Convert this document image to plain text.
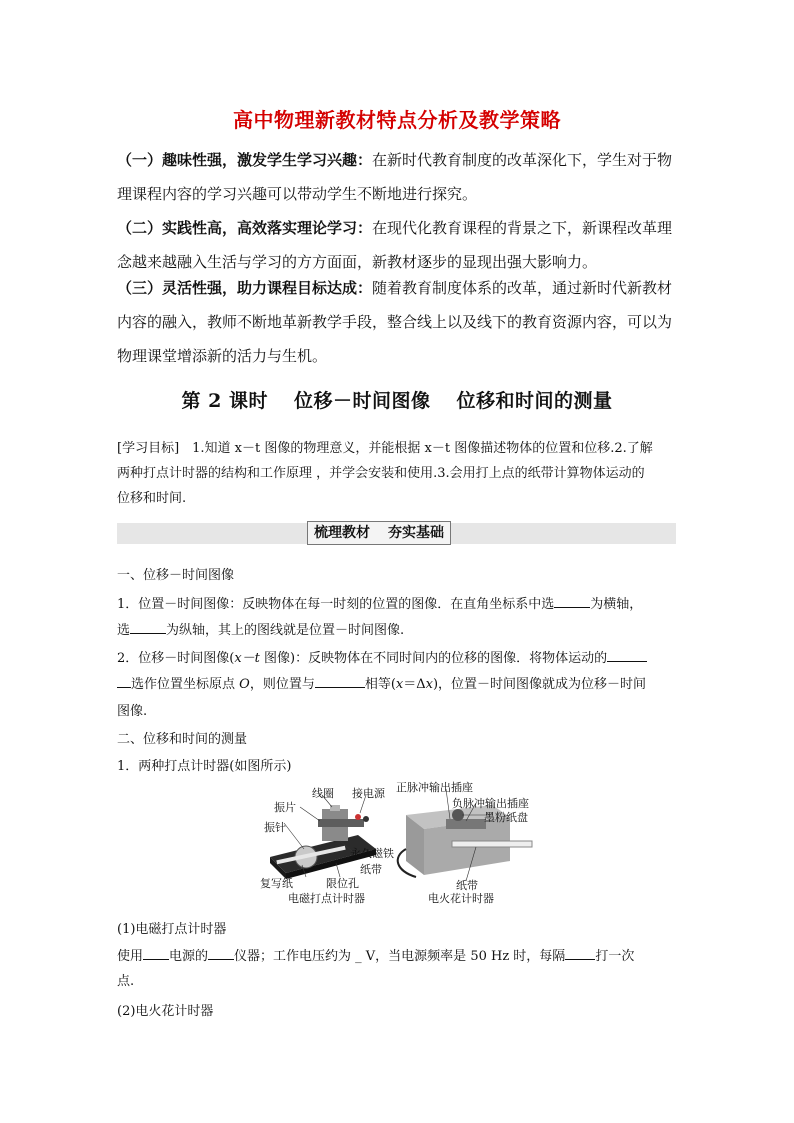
高中物理新教材特点分析及教学策略

（一）趣味性强，激发学生学习兴趣：在新时代教育制度的改革深化下，学生对于物理课程内容的学习兴趣可以带动学生不断地进行探究。

（二）实践性高，高效落实理论学习：在现代化教育课程的背景之下，新课程改革理念越来越融入生活与学习的方方面面，新教材逐步的显现出强大影响力。

（三）灵活性强，助力课程目标达成：随着教育制度体系的改革，通过新时代新教材内容的融入，教师不断地革新教学手段，整合线上以及线下的教育资源内容，可以为物理课堂增添新的活力与生机。

第 2 课时 位移－时间图像 位移和时间的测量

[学习目标]　1.知道 x－t 图像的物理意义，并能根据 x－t 图像描述物体的位置和位移.2.了解

两种打点计时器的结构和工作原理 ，并学会安装和使用.3.会用打上点的纸带计算物体运动的

位移和时间.

梳理教材 夯实基础
一、位移－时间图像
1．位置－时间图像：反映物体在每一时刻的位置的图像．在直角坐标系中选	为横轴，
选	为纵轴，其上的图线就是位置－时间图像.
2．位移－时间图像(x－t 图像)：反映物体在不同时间内的位移的图像．将物体运动的
选作位置坐标原点 O，则位置与	相等(x＝Δx)，位置－时间图像就成为位移－时间
图像.
二、位移和时间的测量
1．两种打点计时器(如图所示)
线圈 接电源
振片
振针
永久磁铁
纸带
复写纸	限位孔
正脉冲输出插座
负脉冲输出插座
墨粉纸盘
纸带
电磁打点计时器	电火花计时器
(1)电磁打点计时器
使用 电源的 仪器；工作电压约为 _ V，当电源频率是 50 Hz 时，每隔 打一次
点.
(2)电火花计时器
